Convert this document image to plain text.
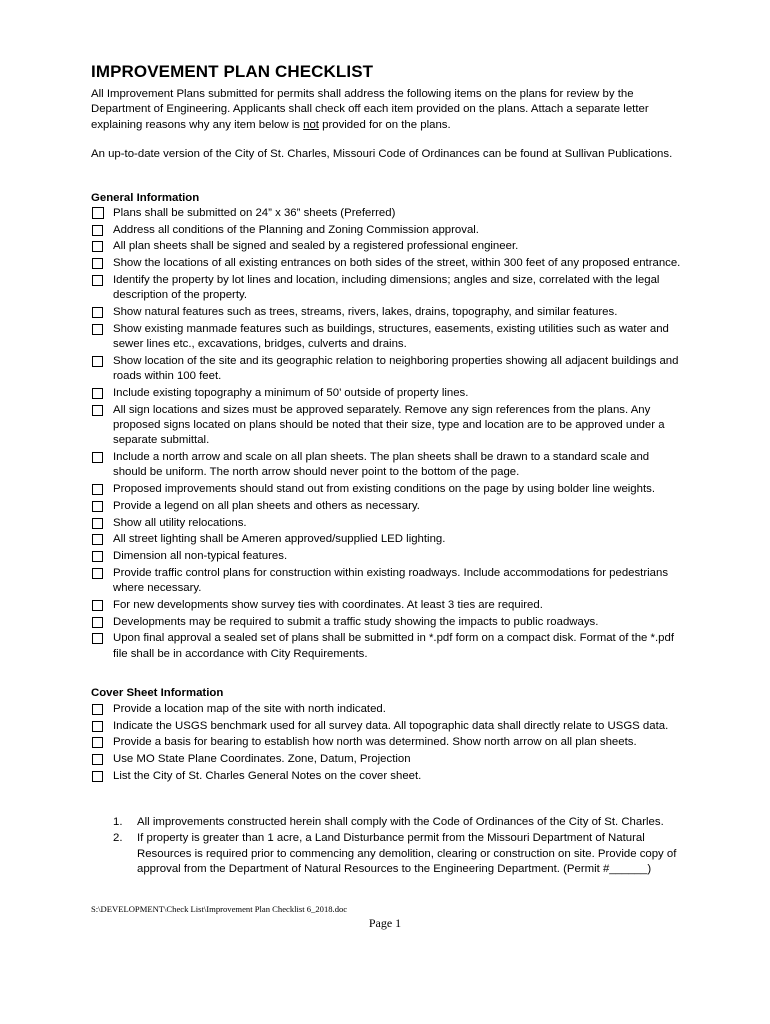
IMPROVEMENT PLAN CHECKLIST
All Improvement Plans submitted for permits shall address the following items on the plans for review by the Department of Engineering. Applicants shall check off each item provided on the plans. Attach a separate letter explaining reasons why any item below is not provided for on the plans.
An up-to-date version of the City of St. Charles, Missouri Code of Ordinances can be found at Sullivan Publications.
General Information
Plans shall be submitted on 24” x 36” sheets (Preferred)
Address all conditions of the Planning and Zoning Commission approval.
All plan sheets shall be signed and sealed by a registered professional engineer.
Show the locations of all existing entrances on both sides of the street, within 300 feet of any proposed entrance.
Identify the property by lot lines and location, including dimensions; angles and size, correlated with the legal description of the property.
Show natural features such as trees, streams, rivers, lakes, drains, topography, and similar features.
Show existing manmade features such as buildings, structures, easements, existing utilities such as water and sewer lines etc., excavations, bridges, culverts and drains.
Show location of the site and its geographic relation to neighboring properties showing all adjacent buildings and roads within 100 feet.
Include existing topography a minimum of 50’ outside of property lines.
All sign locations and sizes must be approved separately. Remove any sign references from the plans. Any proposed signs located on plans should be noted that their size, type and location are to be approved under a separate submittal.
Include a north arrow and scale on all plan sheets. The plan sheets shall be drawn to a standard scale and should be uniform. The north arrow should never point to the bottom of the page.
Proposed improvements should stand out from existing conditions on the page by using bolder line weights.
Provide a legend on all plan sheets and others as necessary.
Show all utility relocations.
All street lighting shall be Ameren approved/supplied LED lighting.
Dimension all non-typical features.
Provide traffic control plans for construction within existing roadways. Include accommodations for pedestrians where necessary.
For new developments show survey ties with coordinates. At least 3 ties are required.
Developments may be required to submit a traffic study showing the impacts to public roadways.
Upon final approval a sealed set of plans shall be submitted in *.pdf form on a compact disk. Format of the *.pdf file shall be in accordance with City Requirements.
Cover Sheet Information
Provide a location map of the site with north indicated.
Indicate the USGS benchmark used for all survey data. All topographic data shall directly relate to USGS data.
Provide a basis for bearing to establish how north was determined. Show north arrow on all plan sheets.
Use MO State Plane Coordinates. Zone, Datum, Projection
List the City of St. Charles General Notes on the cover sheet.
1. All improvements constructed herein shall comply with the Code of Ordinances of the City of St. Charles.
2. If property is greater than 1 acre, a Land Disturbance permit from the Missouri Department of Natural Resources is required prior to commencing any demolition, clearing or construction on site. Provide copy of approval from the Department of Natural Resources to the Engineering Department. (Permit #______)
S:\DEVELOPMENT\Check List\Improvement Plan Checklist 6_2018.doc
Page 1
